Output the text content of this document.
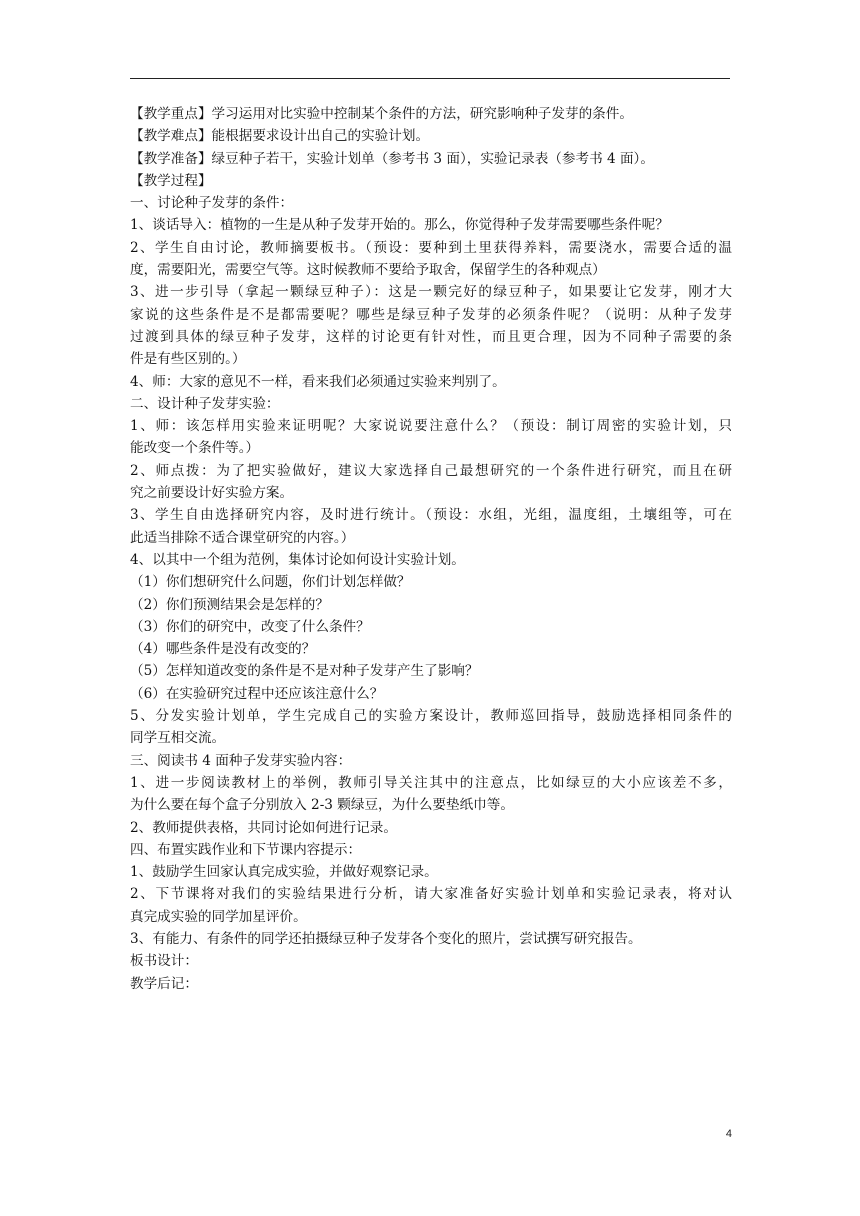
【教学重点】学习运用对比实验中控制某个条件的方法，研究影响种子发芽的条件。
【教学难点】能根据要求设计出自己的实验计划。
【教学准备】绿豆种子若干，实验计划单（参考书 3 面），实验记录表（参考书 4 面）。
【教学过程】
一、讨论种子发芽的条件：
1、谈话导入：植物的一生是从种子发芽开始的。那么，你觉得种子发芽需要哪些条件呢？
2、学生自由讨论，教师摘要板书。（预设：要种到土里获得养料，需要浇水，需要合适的温
度，需要阳光，需要空气等。这时候教师不要给予取舍，保留学生的各种观点）
3、进一步引导（拿起一颗绿豆种子）：这是一颗完好的绿豆种子，如果要让它发芽，刚才大
家说的这些条件是不是都需要呢？哪些是绿豆种子发芽的必须条件呢？（说明：从种子发芽
过渡到具体的绿豆种子发芽，这样的讨论更有针对性，而且更合理，因为不同种子需要的条
件是有些区别的。）
4、师：大家的意见不一样，看来我们必须通过实验来判别了。
二、设计种子发芽实验：
1、师：该怎样用实验来证明呢？大家说说要注意什么？（预设：制订周密的实验计划，只
能改变一个条件等。）
2、师点拨：为了把实验做好，建议大家选择自己最想研究的一个条件进行研究，而且在研
究之前要设计好实验方案。
3、学生自由选择研究内容，及时进行统计。（预设：水组，光组，温度组，土壤组等，可在
此适当排除不适合课堂研究的内容。）
4、以其中一个组为范例，集体讨论如何设计实验计划。
（1）你们想研究什么问题，你们计划怎样做？
（2）你们预测结果会是怎样的？
（3）你们的研究中，改变了什么条件？
（4）哪些条件是没有改变的？
（5）怎样知道改变的条件是不是对种子发芽产生了影响？
（6）在实验研究过程中还应该注意什么？
5、分发实验计划单，学生完成自己的实验方案设计，教师巡回指导，鼓励选择相同条件的
同学互相交流。
三、阅读书 4 面种子发芽实验内容：
1、进一步阅读教材上的举例，教师引导关注其中的注意点，比如绿豆的大小应该差不多，
为什么要在每个盒子分别放入 2-3 颗绿豆，为什么要垫纸巾等。
2、教师提供表格，共同讨论如何进行记录。
四、布置实践作业和下节课内容提示：
1、鼓励学生回家认真完成实验，并做好观察记录。
2、下节课将对我们的实验结果进行分析，请大家准备好实验计划单和实验记录表，将对认
真完成实验的同学加星评价。
3、有能力、有条件的同学还拍摄绿豆种子发芽各个变化的照片，尝试撰写研究报告。
板书设计：
教学后记：
4
